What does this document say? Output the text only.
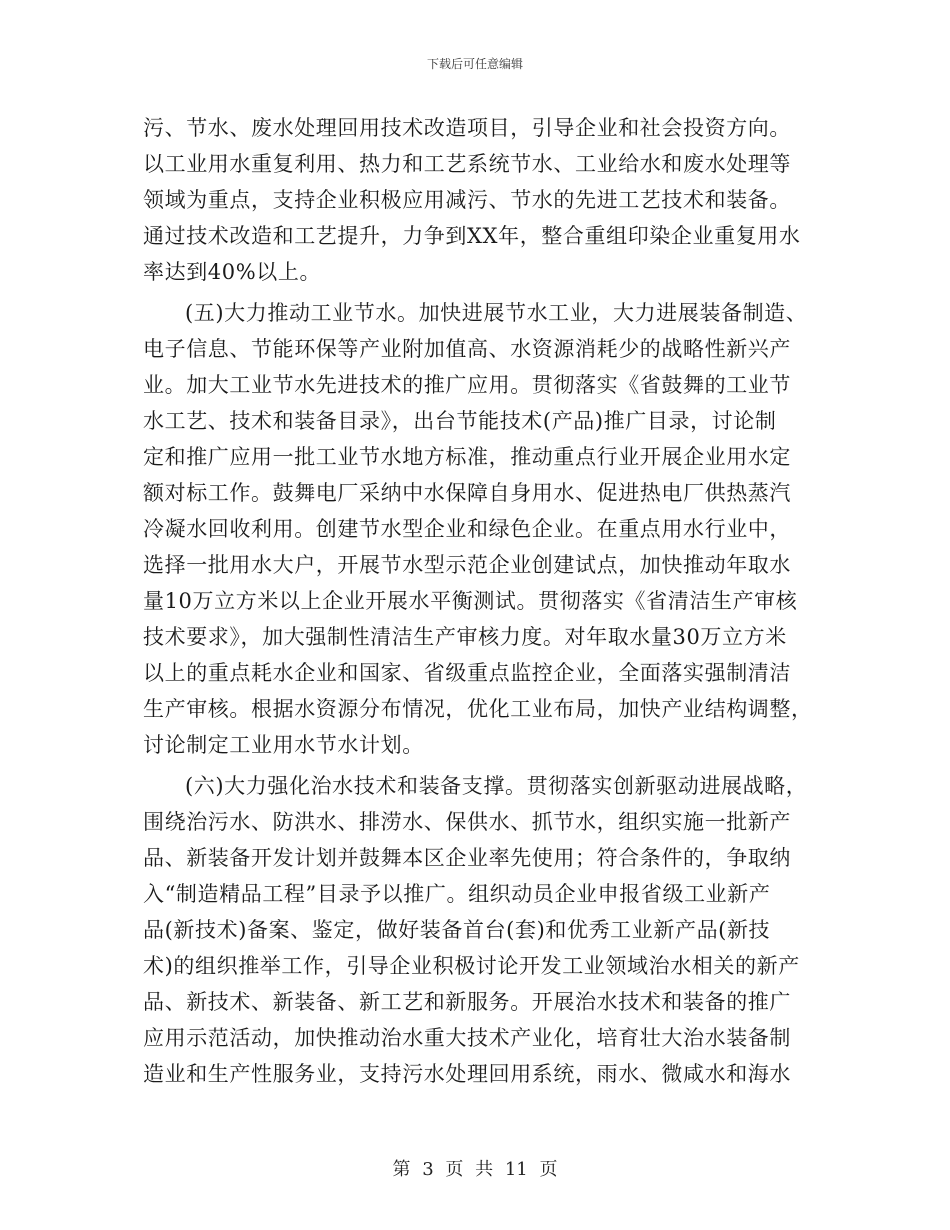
下载后可任意编辑
污、节水、废水处理回用技术改造项目，引导企业和社会投资方向。
以工业用水重复利用、热力和工艺系统节水、工业给水和废水处理等
领域为重点，支持企业积极应用减污、节水的先进工艺技术和装备。
通过技术改造和工艺提升，力争到XX年，整合重组印染企业重复用水
率达到40%以上。
(五)大力推动工业节水。加快进展节水工业，大力进展装备制造、
电子信息、节能环保等产业附加值高、水资源消耗少的战略性新兴产
业。加大工业节水先进技术的推广应用。贯彻落实《省鼓舞的工业节
水工艺、技术和装备目录》，出台节能技术(产品)推广目录，讨论制
定和推广应用一批工业节水地方标准，推动重点行业开展企业用水定
额对标工作。鼓舞电厂采纳中水保障自身用水、促进热电厂供热蒸汽
冷凝水回收利用。创建节水型企业和绿色企业。在重点用水行业中，
选择一批用水大户，开展节水型示范企业创建试点，加快推动年取水
量10万立方米以上企业开展水平衡测试。贯彻落实《省清洁生产审核
技术要求》，加大强制性清洁生产审核力度。对年取水量30万立方米
以上的重点耗水企业和国家、省级重点监控企业，全面落实强制清洁
生产审核。根据水资源分布情况，优化工业布局，加快产业结构调整，
讨论制定工业用水节水计划。
(六)大力强化治水技术和装备支撑。贯彻落实创新驱动进展战略，
围绕治污水、防洪水、排涝水、保供水、抓节水，组织实施一批新产
品、新装备开发计划并鼓舞本区企业率先使用；符合条件的，争取纳
入“制造精品工程”目录予以推广。组织动员企业申报省级工业新产
品(新技术)备案、鉴定，做好装备首台(套)和优秀工业新产品(新技
术)的组织推举工作，引导企业积极讨论开发工业领域治水相关的新产
品、新技术、新装备、新工艺和新服务。开展治水技术和装备的推广
应用示范活动，加快推动治水重大技术产业化，培育壮大治水装备制
造业和生产性服务业，支持污水处理回用系统，雨水、微咸水和海水
第 3 页 共 11 页
